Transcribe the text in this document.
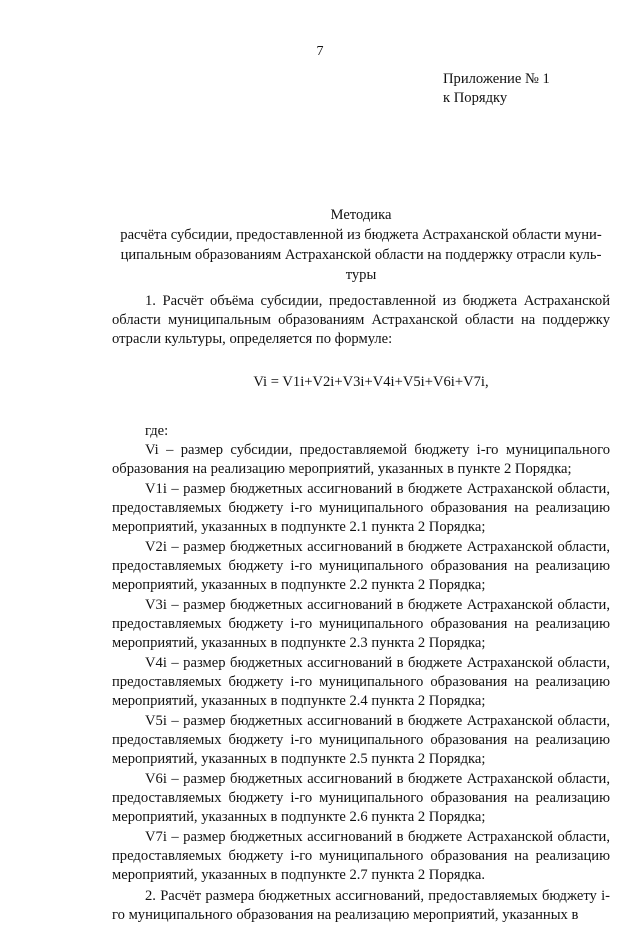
7
Приложение № 1
к Порядку
Методика
расчёта субсидии, предоставленной из бюджета Астраханской области муни-
ципальным образованиям Астраханской области на поддержку отрасли куль-
туры

1. Расчёт объёма субсидии, предоставленной из бюджета Астраханской области муниципальным образованиям Астраханской области на поддержку отрасли культуры, определяется по формуле:

Vi = V1i+V2i+V3i+V4i+V5i+V6i+V7i,
где:

Vi – размер субсидии, предоставляемой бюджету i-го муниципального образования на реализацию мероприятий, указанных в пункте 2 Порядка;

V1i – размер бюджетных ассигнований в бюджете Астраханской области, предоставляемых бюджету i-го муниципального образования на реализацию мероприятий, указанных в подпункте 2.1 пункта 2 Порядка;

V2i – размер бюджетных ассигнований в бюджете Астраханской области, предоставляемых бюджету i-го муниципального образования на реализацию мероприятий, указанных в подпункте 2.2 пункта 2 Порядка;

V3i – размер бюджетных ассигнований в бюджете Астраханской области, предоставляемых бюджету i-го муниципального образования на реализацию мероприятий, указанных в подпункте 2.3 пункта 2 Порядка;

V4i – размер бюджетных ассигнований в бюджете Астраханской области, предоставляемых бюджету i-го муниципального образования на реализацию мероприятий, указанных в подпункте 2.4 пункта 2 Порядка;

V5i – размер бюджетных ассигнований в бюджете Астраханской области, предоставляемых бюджету i-го муниципального образования на реализацию мероприятий, указанных в подпункте 2.5 пункта 2 Порядка;

V6i – размер бюджетных ассигнований в бюджете Астраханской области, предоставляемых бюджету i-го муниципального образования на реализацию мероприятий, указанных в подпункте 2.6 пункта 2 Порядка;

V7i – размер бюджетных ассигнований в бюджете Астраханской области, предоставляемых бюджету i-го муниципального образования на реализацию мероприятий, указанных в подпункте 2.7 пункта 2 Порядка.

2. Расчёт размера бюджетных ассигнований, предоставляемых бюджету i-го муниципального образования на реализацию мероприятий, указанных в
